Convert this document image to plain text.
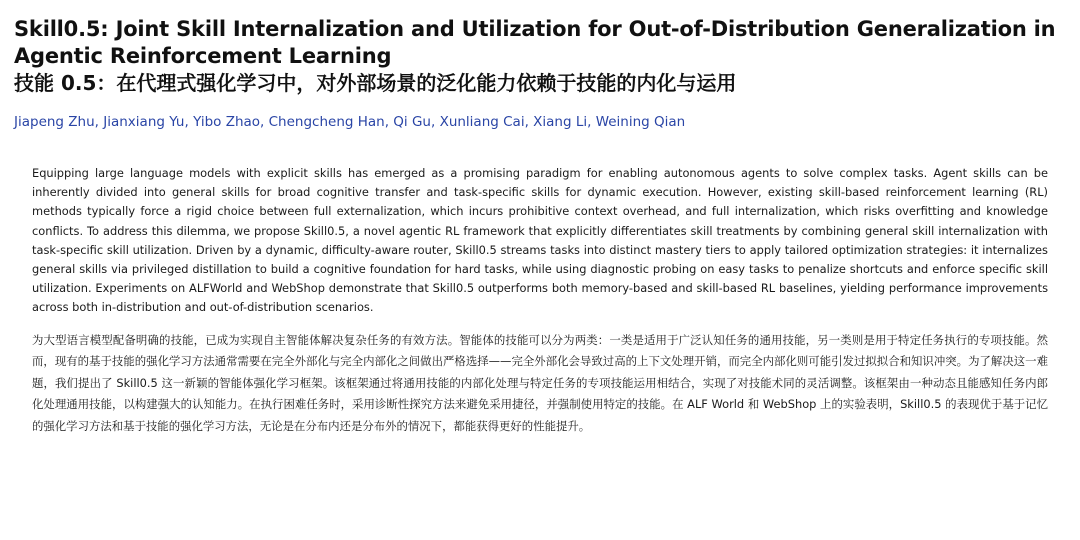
Skill0.5: Joint Skill Internalization and Utilization for Out-of-Distribution Generalization in Agentic Reinforcement Learning
技能 0.5：在代理式强化学习中，对外部场景的泛化能力依赖于技能的内化与运用
Jiapeng Zhu, Jianxiang Yu, Yibo Zhao, Chengcheng Han, Qi Gu, Xunliang Cai, Xiang Li, Weining Qian

Equipping large language models with explicit skills has emerged as a promising paradigm for enabling autonomous agents to solve complex tasks. Agent skills can be inherently divided into general skills for broad cognitive transfer and task-specific skills for dynamic execution. However, existing skill-based reinforcement learning (RL) methods typically force a rigid choice between full externalization, which incurs prohibitive context overhead, and full internalization, which risks overfitting and knowledge conflicts. To address this dilemma, we propose Skill0.5, a novel agentic RL framework that explicitly differentiates skill treatments by combining general skill internalization with task-specific skill utilization. Driven by a dynamic, difficulty-aware router, Skill0.5 streams tasks into distinct mastery tiers to apply tailored optimization strategies: it internalizes general skills via privileged distillation to build a cognitive foundation for hard tasks, while using diagnostic probing on easy tasks to penalize shortcuts and enforce specific skill utilization. Experiments on ALFWorld and WebShop demonstrate that Skill0.5 outperforms both memory-based and skill-based RL baselines, yielding performance improvements across both in-distribution and out-of-distribution scenarios.

为大型语言模型配备明确的技能，已成为实现自主智能体解决复杂任务的有效方法。智能体的技能可以分为两类：一类是适用于广泛认知任务的通用技能，另一类则是用于特定任务执行的专项技能。然而，现有的基于技能的强化学习方法通常需要在完全外部化与完全内部化之间做出严格选择——完全外部化会导致过高的上下文处理开销，而完全内部化则可能引发过拟拟合和知识冲突。为了解决这一难题，我们提出了 Skill0.5 这一新颖的智能体强化学习框架。该框架通过将通用技能的内部化处理与特定任务的专项技能运用相结合，实现了对技能术同的灵活调整。该框架由一种动态且能感知任务内郎化处理通用技能，以构建强大的认知能力。在执行困难任务时，采用诊断性探究方法来避免采用捷径，并强制使用特定的技能。在 ALF World 和 WebShop 上的实验表明，Skill0.5 的表现优于基于记忆的强化学习方法和基于技能的强化学习方法，无论是在分布内还是分布外的情况下，都能获得更好的性能提升。
